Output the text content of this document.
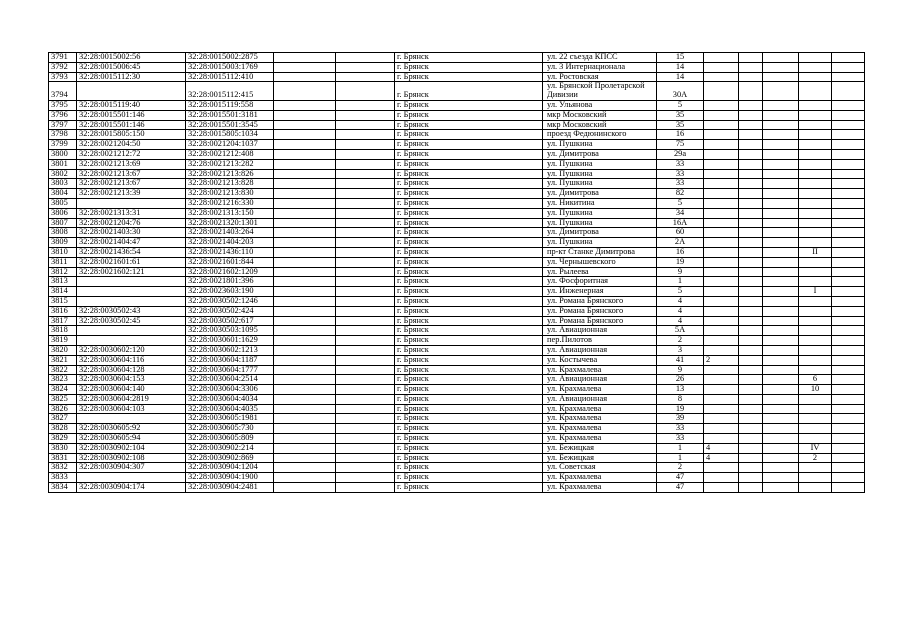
3791	32:28:0015002:56	32:28:0015002:2875			г. Брянск	ул. 22 съезда КПСС	15					
3792	32:28:0015006:45	32:28:0015003:1769			г. Брянск	ул. 3 Интернационала	14					
3793	32:28:0015112:30	32:28:0015112:410			г. Брянск	ул. Ростовская	14					
3794		32:28:0015112:415			г. Брянск	ул. Брянской Пролетарской Дивизии	30А					
3795	32:28:0015119:40	32:28:0015119:558			г. Брянск	ул. Ульянова	5					
3796	32:28:0015501:146	32:28:0015501:3181			г. Брянск	мкр Московский	35					
3797	32:28:0015501:146	32:28:0015501:3545			г. Брянск	мкр Московский	35					
3798	32:28:0015805:150	32:28:0015805:1034			г. Брянск	проезд Федюнинского	16					
3799	32:28:0021204:50	32:28:0021204:1037			г. Брянск	ул. Пушкина	75					
3800	32:28:0021212:72	32:28:0021212:408			г. Брянск	ул. Димитрова	29а					
3801	32:28:0021213:69	32:28:0021213:282			г. Брянск	ул. Пушкина	33					
3802	32:28:0021213:67	32:28:0021213:826			г. Брянск	ул. Пушкина	33					
3803	32:28:0021213:67	32:28:0021213:828			г. Брянск	ул. Пушкина	33					
3804	32:28:0021213:39	32:28:0021213:830			г. Брянск	ул. Димитрова	82					
3805		32:28:0021216:330			г. Брянск	ул. Никитина	5					
3806	32:28:0021313:31	32:28:0021313:150			г. Брянск	ул. Пушкина	34					
3807	32:28:0021204:76	32:28:0021320:1301			г. Брянск	ул. Пушкина	16А					
3808	32:28:0021403:30	32:28:0021403:264			г. Брянск	ул. Димитрова	60					
3809	32:28:0021404:47	32:28:0021404:203			г. Брянск	ул. Пушкина	2А					
3810	32:28:0021436:54	32:28:0021436:110			г. Брянск	пр-кт Станке Димитрова	16				II	
3811	32:28:0021601:61	32:28:0021601:844			г. Брянск	ул. Чернышевского	19					
3812	32:28:0021602:121	32:28:0021602:1209			г. Брянск	ул. Рылеева	9					
3813		32:28:0021801:396			г. Брянск	ул. Фосфоритная	1					
3814		32:28:0023603:190			г. Брянск	ул. Инженерная	5				I	
3815		32:28:0030502:1246			г. Брянск	ул. Романа Брянского	4					
3816	32:28:0030502:43	32:28:0030502:424			г. Брянск	ул. Романа Брянского	4					
3817	32:28:0030502:45	32:28:0030502:617			г. Брянск	ул. Романа Брянского	4					
3818		32:28:0030503:1095			г. Брянск	ул. Авиационная	5А					
3819		32:28:0030601:1629			г. Брянск	пер.Пилотов	2					
3820	32:28:0030602:120	32:28:0030602:1213			г. Брянск	ул. Авиационная	3					
3821	32:28:0030604:116	32:28:0030604:1187			г. Брянск	ул. Костычева	41	2				
3822	32:28:0030604:128	32:28:0030604:1777			г. Брянск	ул. Крахмалева	9					
3823	32:28:0030604:153	32:28:0030604:2514			г. Брянск	ул. Авиационная	26				6	
3824	32:28:0030604:140	32:28:0030604:3306			г. Брянск	ул. Крахмалева	13				10	
3825	32:28:0030604:2819	32:28:0030604:4034			г. Брянск	ул. Авиационная	8					
3826	32:28:0030604:103	32:28:0030604:4035			г. Брянск	ул. Крахмалева	19					
3827		32:28:0030605:1981			г. Брянск	ул. Крахмалева	39					
3828	32:28:0030605:92	32:28:0030605:730			г. Брянск	ул. Крахмалева	33					
3829	32:28:0030605:94	32:28:0030605:809			г. Брянск	ул. Крахмалева	33					
3830	32:28:0030902:104	32:28:0030902:214			г. Брянск	ул. Бежицкая	1	4			IV	
3831	32:28:0030902:108	32:28:0030902:869			г. Брянск	ул. Бежицкая	1	4			2	
3832	32:28:0030904:307	32:28:0030904:1204			г. Брянск	ул. Советская	2					
3833		32:28:0030904:1900			г. Брянск	ул. Крахмалева	47					
3834	32:28:0030904:174	32:28:0030904:2481			г. Брянск	ул. Крахмалева	47					
